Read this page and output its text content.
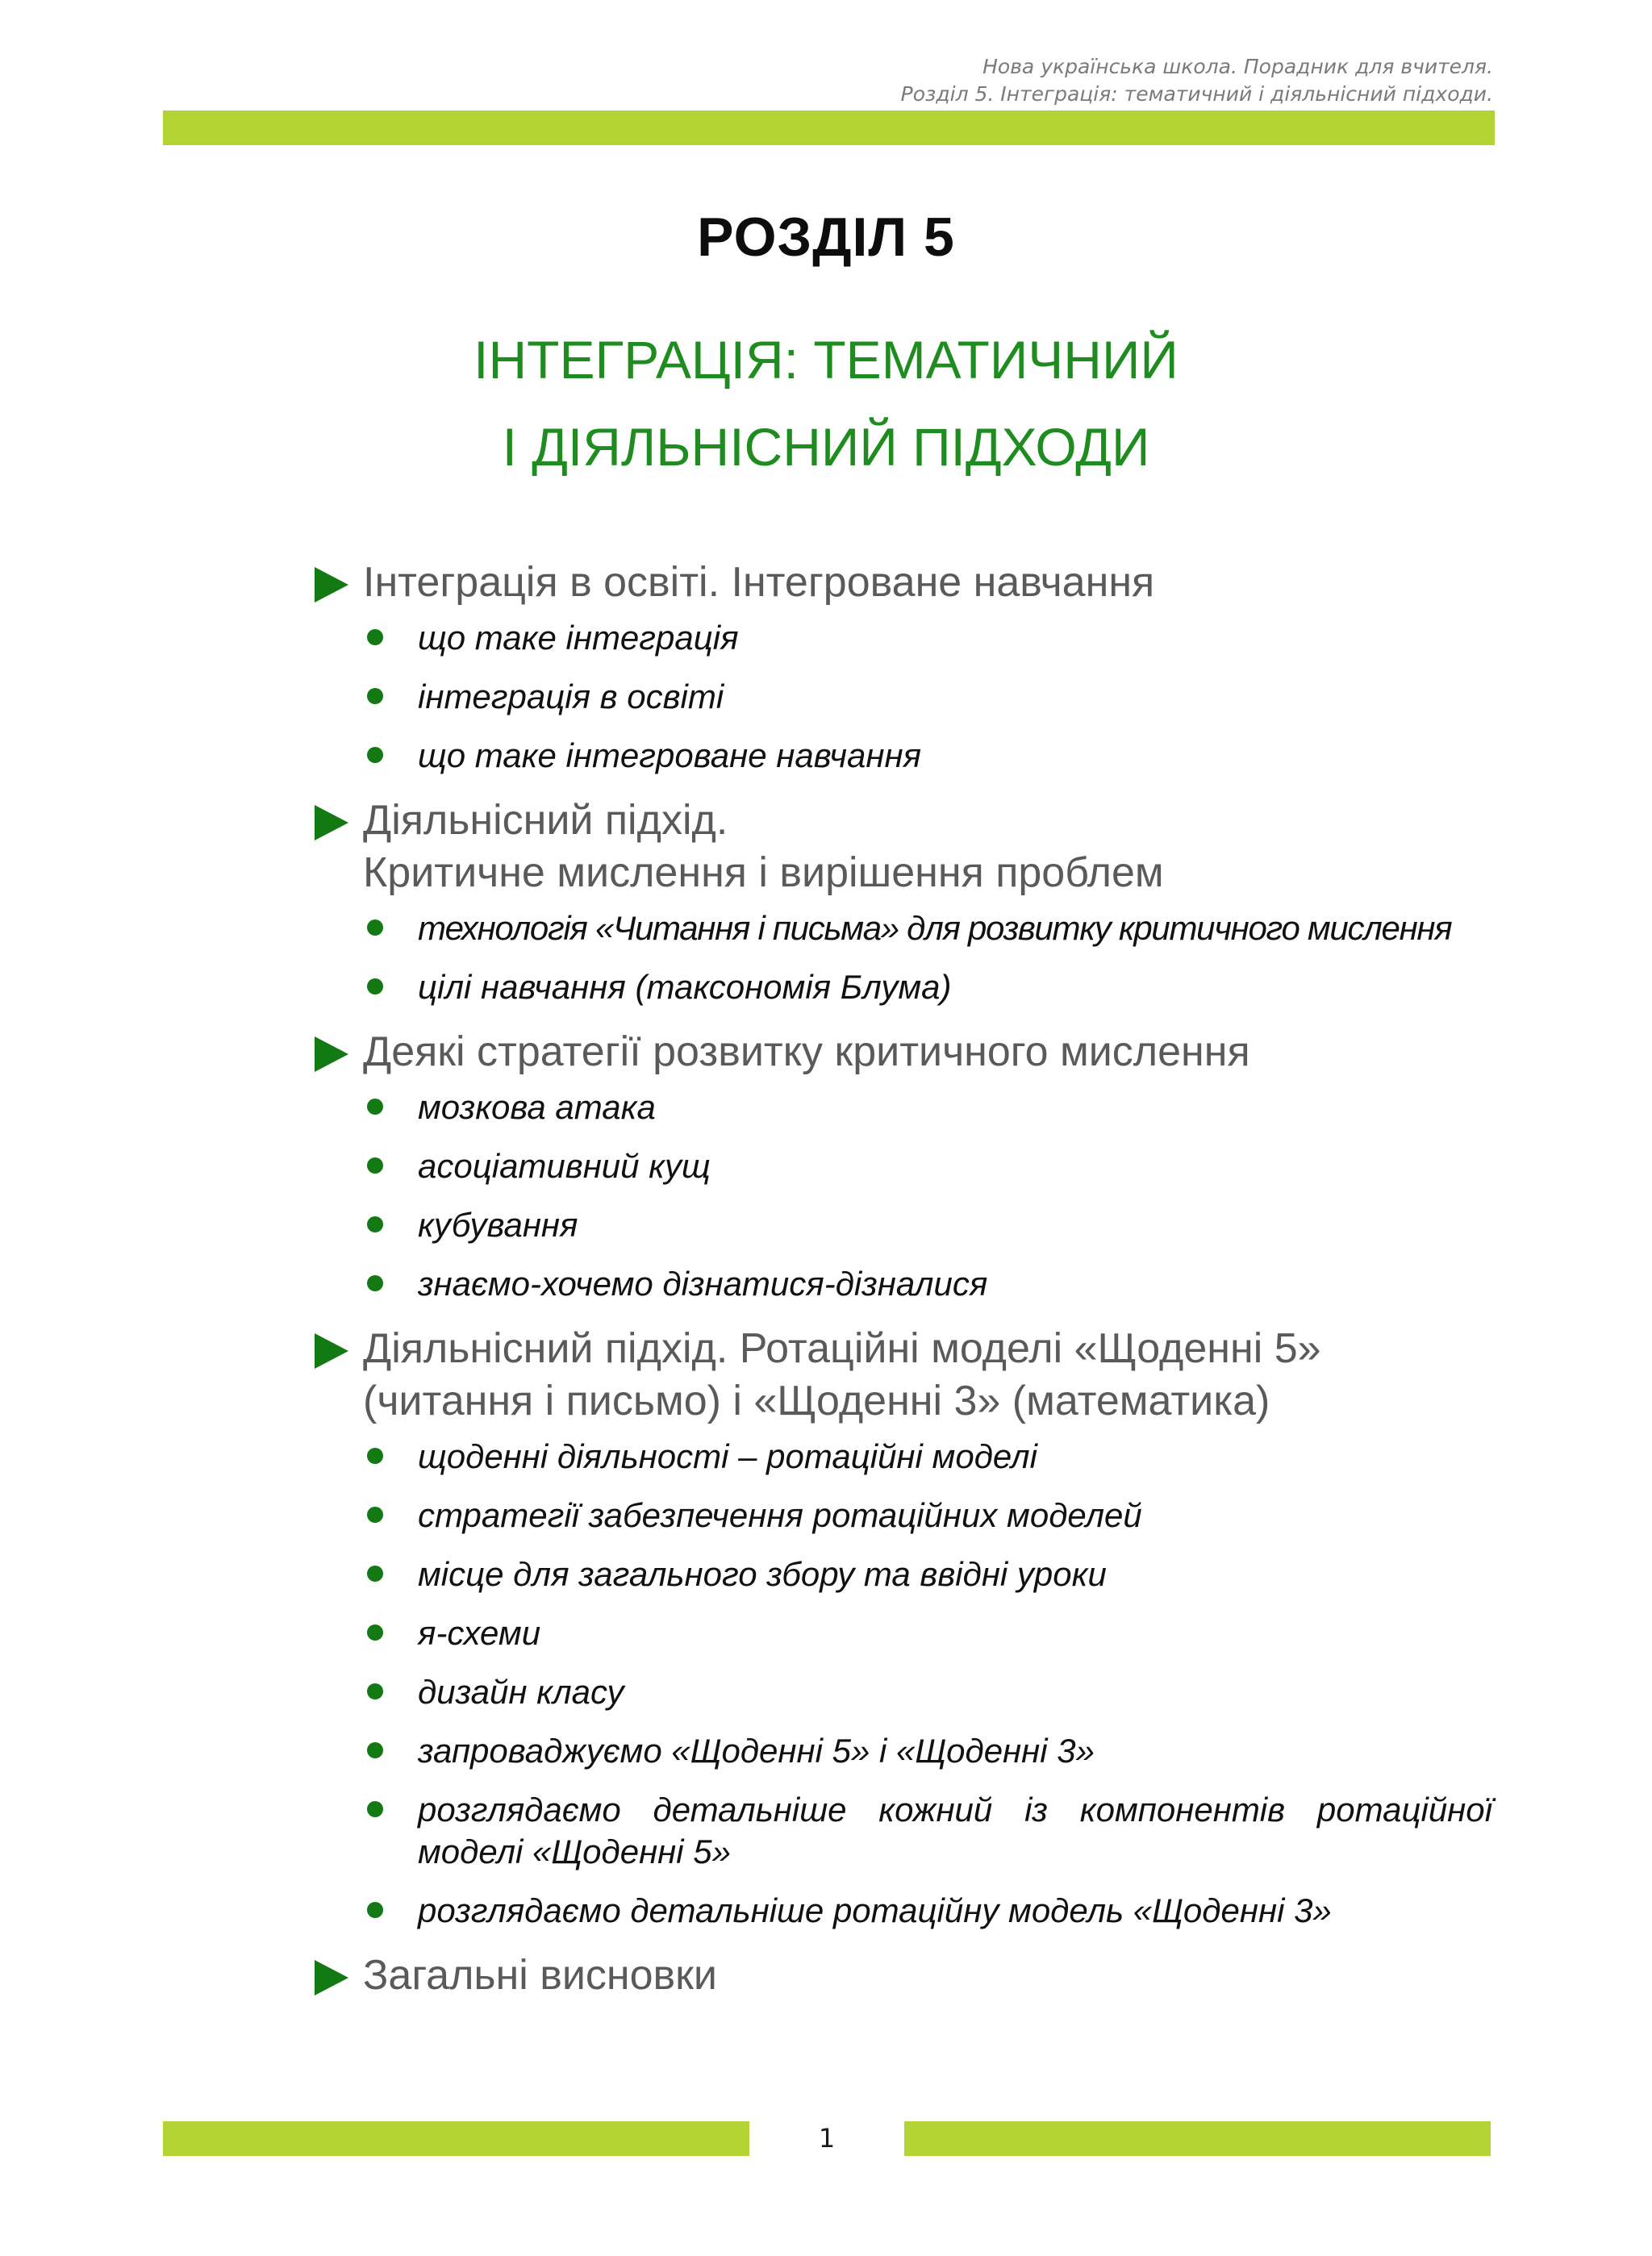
Нова українська школа. Порадник для вчителя.
Розділ 5. Інтеграція: тематичний і діяльнісний підходи.
РОЗДІЛ 5
ІНТЕГРАЦІЯ: ТЕМАТИЧНИЙ
І ДІЯЛЬНІСНИЙ ПІДХОДИ
Інтеграція в освіті. Інтегроване навчання
що таке інтеграція
інтеграція в освіті
що таке інтегроване навчання
Діяльнісний підхід.
Критичне мислення і вирішення проблем
технологія «Читання і письма» для розвитку критичного мислення
цілі навчання (таксономія Блума)
Деякі стратегії розвитку критичного мислення
мозкова атака
асоціативний кущ
кубування
знаємо-хочемо дізнатися-дізналися
Діяльнісний підхід. Ротаційні моделі «Щоденні 5»
(читання і письмо) і «Щоденні 3» (математика)
щоденні діяльності – ротаційні моделі
стратегії забезпечення ротаційних моделей
місце для загального збору та ввідні уроки
я-схеми
дизайн класу
запроваджуємо «Щоденні 5» і «Щоденні 3»
розглядаємо детальніше кожний із компонентів ротаційної
моделі «Щоденні 5»
розглядаємо детальніше ротаційну модель «Щоденні 3»
Загальні висновки
1
